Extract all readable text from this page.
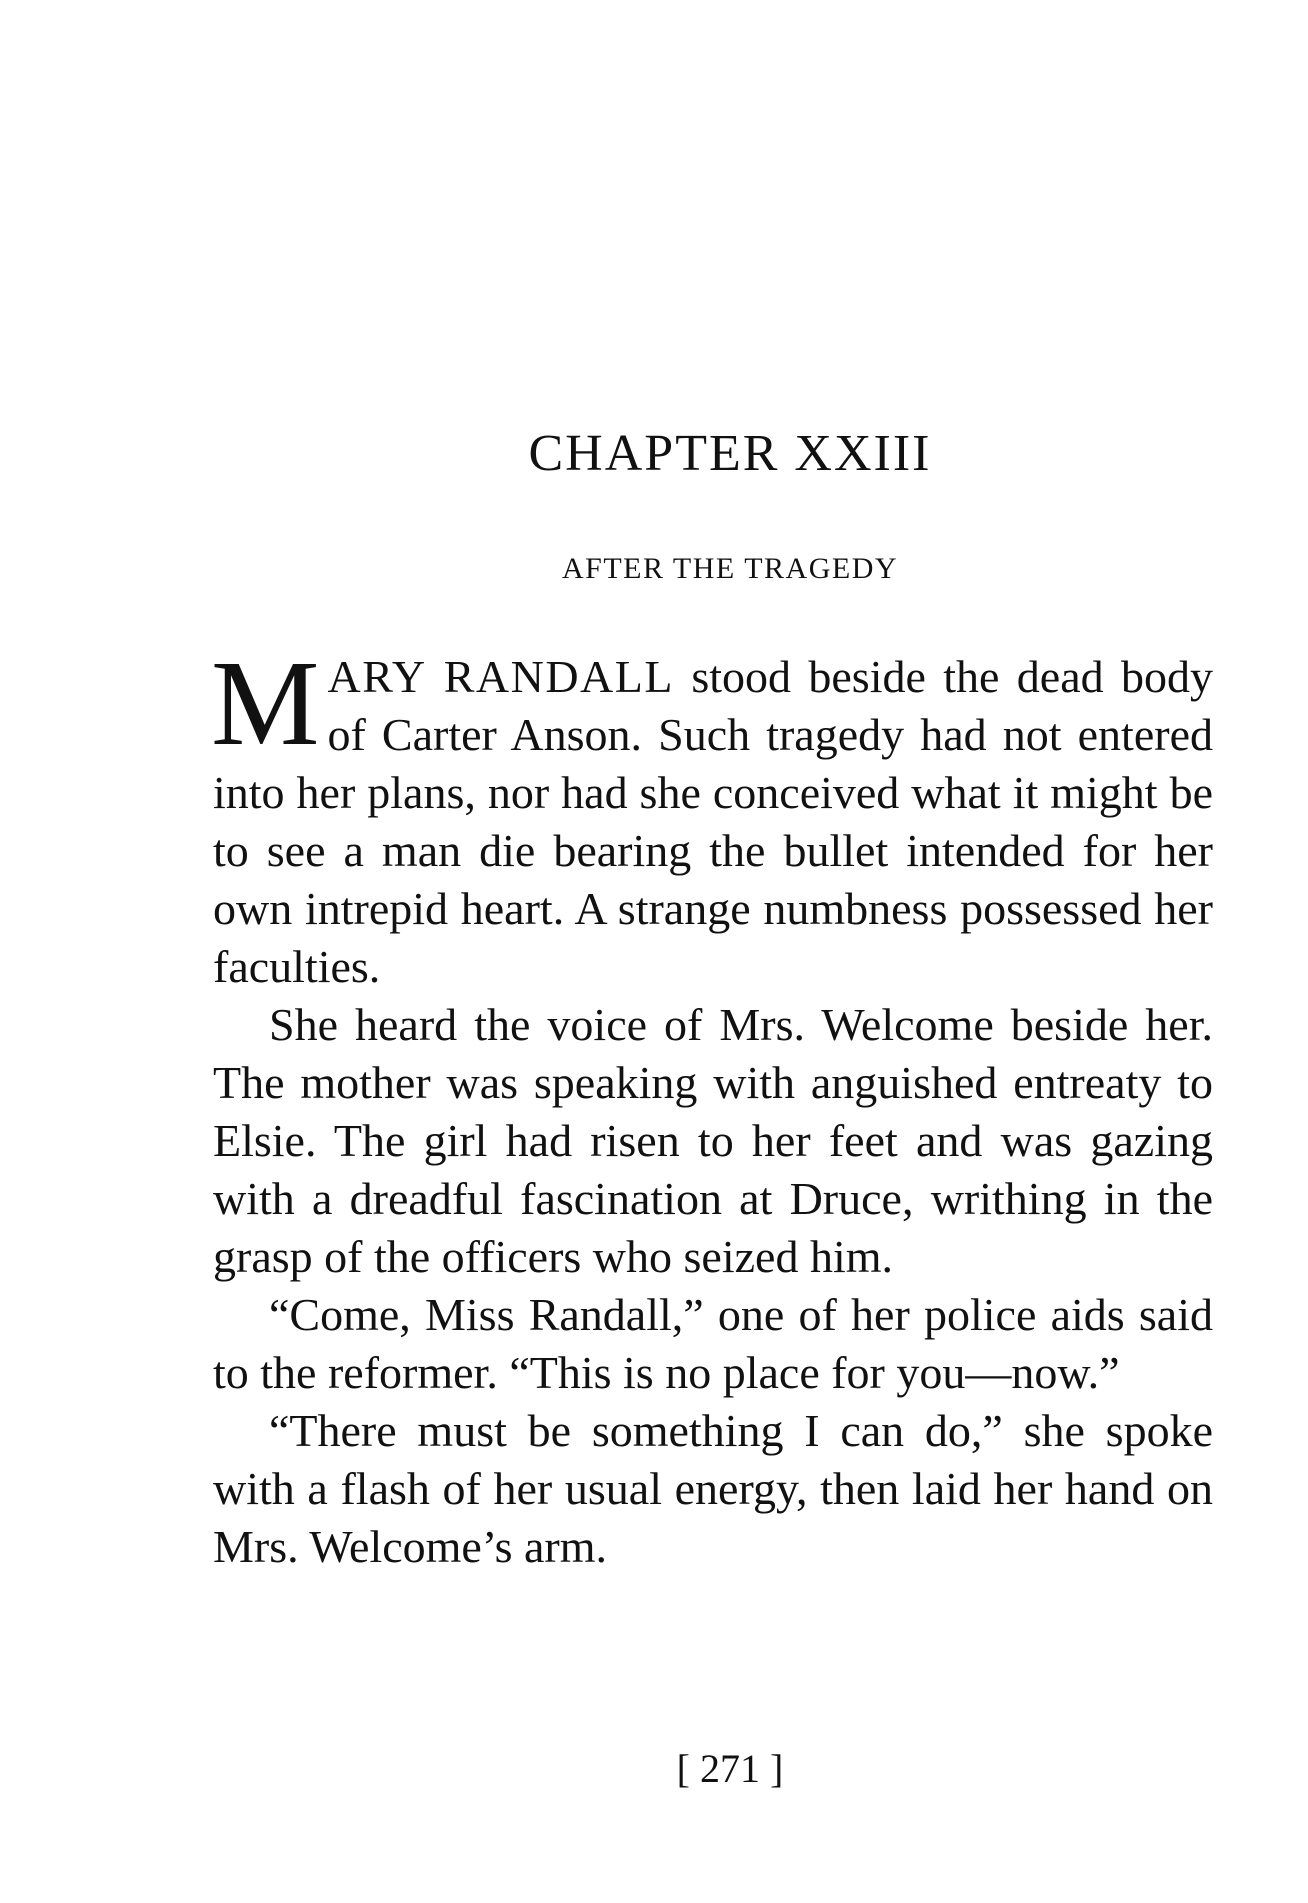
CHAPTER XXIII
AFTER THE TRAGEDY

MARY RANDALL stood beside the dead body of Carter Anson. Such tragedy had not entered into her plans, nor had she conceived what it might be to see a man die bearing the bullet intended for her own intrepid heart. A strange numbness possessed her faculties.

She heard the voice of Mrs. Welcome beside her. The mother was speaking with anguished entreaty to Elsie. The girl had risen to her feet and was gazing with a dreadful fascination at Druce, writhing in the grasp of the officers who seized him.

“Come, Miss Randall,” one of her police aids said to the reformer. “This is no place for you—now.”

“There must be something I can do,” she spoke with a flash of her usual energy, then laid her hand on Mrs. Welcome’s arm.

[ 271 ]
